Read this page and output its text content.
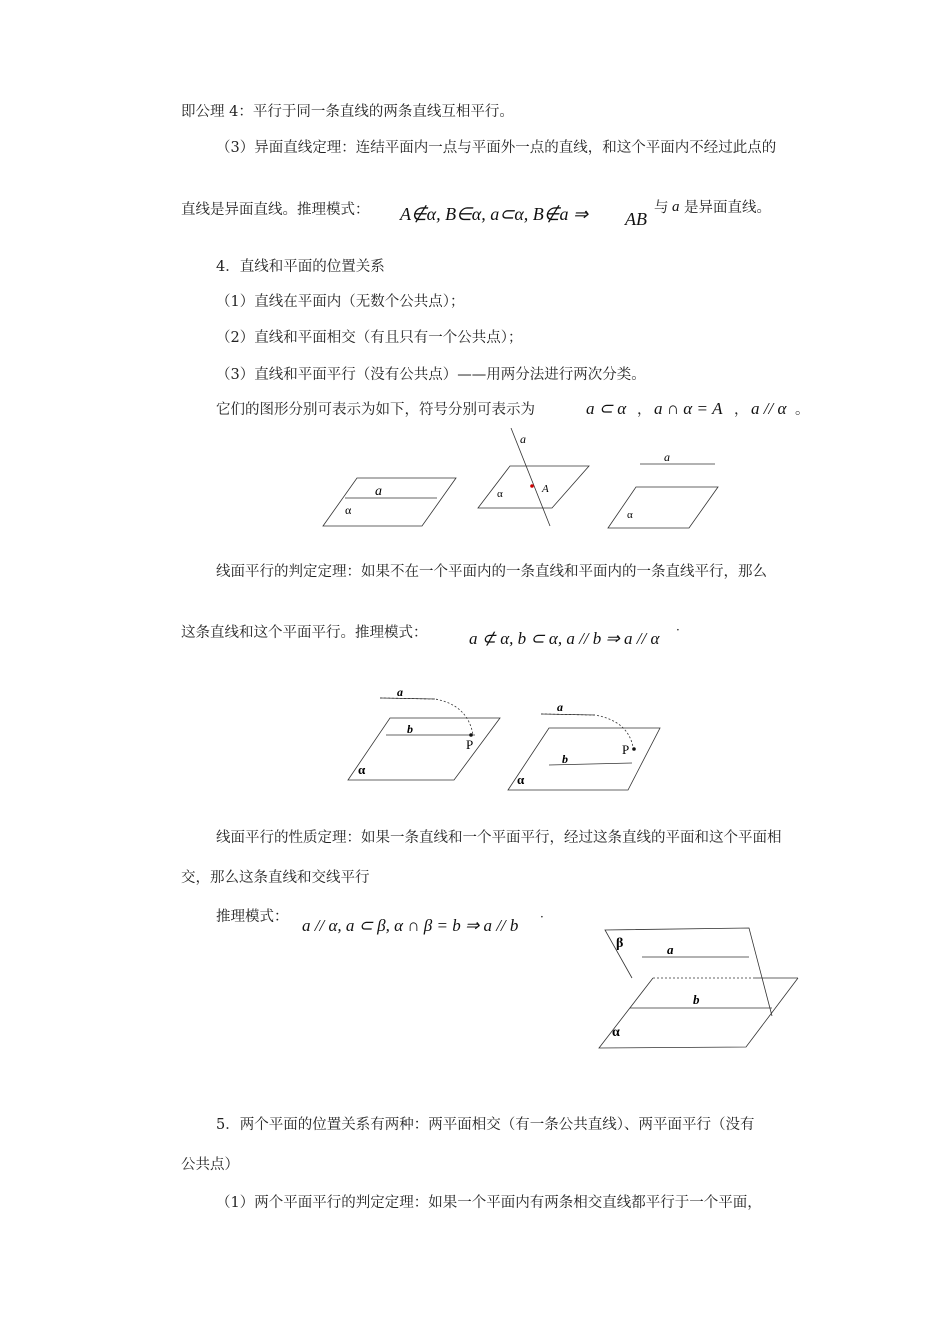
即公理 4：平行于同一条直线的两条直线互相平行。
（3）异面直线定理：连结平面内一点与平面外一点的直线，和这个平面内不经过此点的
直线是异面直线。推理模式： A∉α, B∈α, a⊂α, B∉a ⇒ AB
与 a 是异面直线。
4．直线和平面的位置关系
（1）直线在平面内（无数个公共点）；
（2）直线和平面相交（有且只有一个公共点）；
（3）直线和平面平行（没有公共点）——用两分法进行两次分类。
它们的图形分别可表示为如下，符号分别可表示为	a ⊂ α ， a ∩ α = A ， a // α 。
a
α
a
A
α
a
α
线面平行的判定定理：如果不在一个平面内的一条直线和平面内的一条直线平行，那么
这条直线和这个平面平行。推理模式： a ⊄ α, b ⊂ α, a // b ⇒ a // α ·
a
b
P
α
a
b
P
α
线面平行的性质定理：如果一条直线和一个平面平行，经过这条直线的平面和这个平面相
交，那么这条直线和交线平行
推理模式： a // α, a ⊂ β, α ∩ β = b ⇒ a // b ·
a
b
β
α
5．两个平面的位置关系有两种：两平面相交（有一条公共直线）、两平面平行（没有
公共点）
（1）两个平面平行的判定定理：如果一个平面内有两条相交直线都平行于一个平面，
